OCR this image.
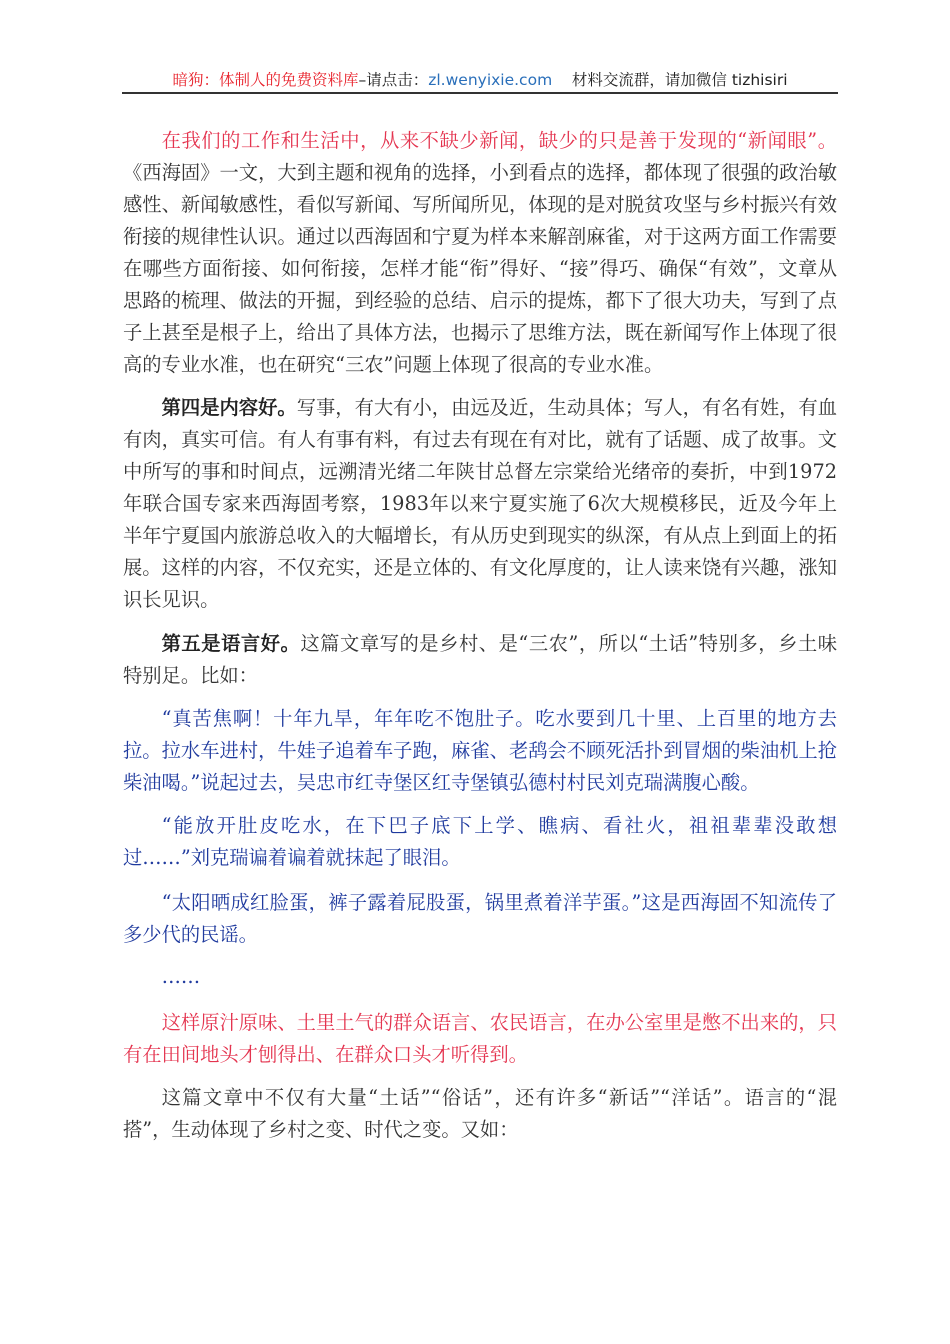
暗狗：体制人的免费资料库–请点击：zl.wenyixie.com 材料交流群，请加微信 tizhisiri

在我们的工作和生活中，从来不缺少新闻，缺少的只是善于发现的“新闻眼”。《西海固》一文，大到主题和视角的选择，小到看点的选择，都体现了很强的政治敏感性、新闻敏感性，看似写新闻、写所闻所见，体现的是对脱贫攻坚与乡村振兴有效衔接的规律性认识。通过以西海固和宁夏为样本来解剖麻雀，对于这两方面工作需要在哪些方面衔接、如何衔接，怎样才能“衔”得好、“接”得巧、确保“有效”，文章从思路的梳理、做法的开掘，到经验的总结、启示的提炼，都下了很大功夫，写到了点子上甚至是根子上，给出了具体方法，也揭示了思维方法，既在新闻写作上体现了很高的专业水准，也在研究“三农”问题上体现了很高的专业水准。

第四是内容好。写事，有大有小，由远及近，生动具体；写人，有名有姓，有血有肉，真实可信。有人有事有料，有过去有现在有对比，就有了话题、成了故事。文中所写的事和时间点，远溯清光绪二年陕甘总督左宗棠给光绪帝的奏折，中到1972年联合国专家来西海固考察，1983年以来宁夏实施了6次大规模移民，近及今年上半年宁夏国内旅游总收入的大幅增长，有从历史到现实的纵深，有从点上到面上的拓展。这样的内容，不仅充实，还是立体的、有文化厚度的，让人读来饶有兴趣，涨知识长见识。

第五是语言好。这篇文章写的是乡村、是“三农”，所以“土话”特别多，乡土味特别足。比如：

“真苦焦啊！十年九旱，年年吃不饱肚子。吃水要到几十里、上百里的地方去拉。拉水车进村，牛娃子追着车子跑，麻雀、老鸹会不顾死活扑到冒烟的柴油机上抢柴油喝。”说起过去，吴忠市红寺堡区红寺堡镇弘德村村民刘克瑞满腹心酸。

“能放开肚皮吃水，在下巴子底下上学、瞧病、看社火，祖祖辈辈没敢想过……”刘克瑞谝着谝着就抹起了眼泪。

“太阳晒成红脸蛋，裤子露着屁股蛋，锅里煮着洋芋蛋。”这是西海固不知流传了多少代的民谣。

……

这样原汁原味、土里土气的群众语言、农民语言，在办公室里是憋不出来的，只有在田间地头才刨得出、在群众口头才听得到。

这篇文章中不仅有大量“土话”“俗话”，还有许多“新话”“洋话”。语言的“混搭”，生动体现了乡村之变、时代之变。又如：
